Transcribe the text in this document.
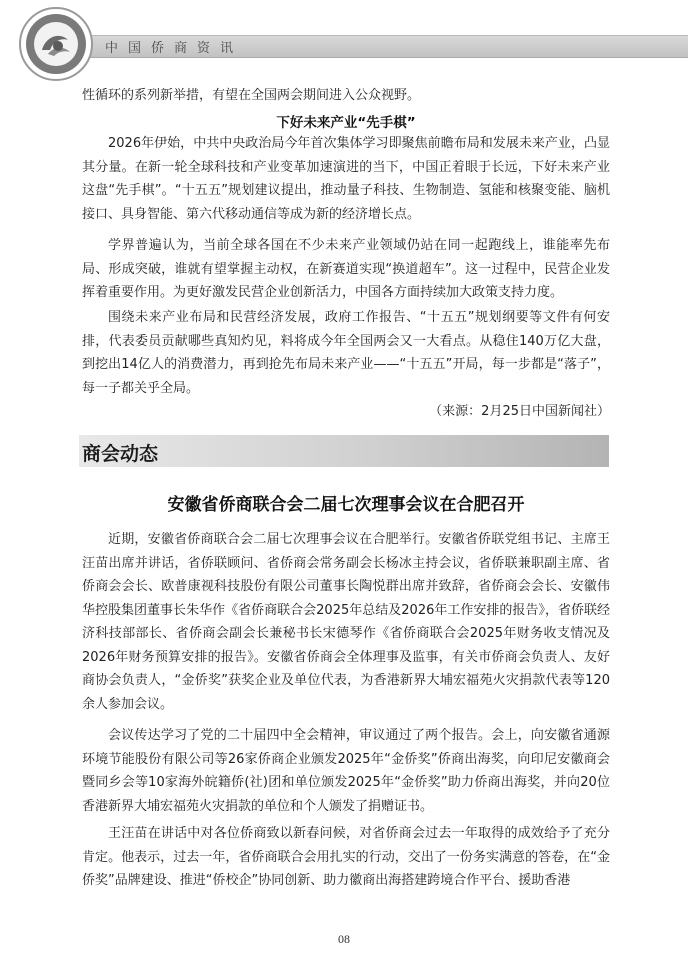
中国侨商资讯

性循环的系列新举措，有望在全国两会期间进入公众视野。

下好未来产业“先手棋”

2026年伊始，中共中央政治局今年首次集体学习即聚焦前瞻布局和发展未来产业，凸显其分量。在新一轮全球科技和产业变革加速演进的当下，中国正着眼于长远，下好未来产业这盘“先手棋”。“十五五”规划建议提出，推动量子科技、生物制造、氢能和核聚变能、脑机接口、具身智能、第六代移动通信等成为新的经济增长点。

学界普遍认为，当前全球各国在不少未来产业领域仍站在同一起跑线上，谁能率先布局、形成突破，谁就有望掌握主动权，在新赛道实现“换道超车”。这一过程中，民营企业发挥着重要作用。为更好激发民营企业创新活力，中国各方面持续加大政策支持力度。

围绕未来产业布局和民营经济发展，政府工作报告、“十五五”规划纲要等文件有何安排，代表委员贡献哪些真知灼见，料将成今年全国两会又一大看点。从稳住140万亿大盘，到挖出14亿人的消费潜力，再到抢先布局未来产业——“十五五”开局，每一步都是“落子”，每一子都关乎全局。
（来源：2月25日中国新闻社）

商会动态
安徽省侨商联合会二届七次理事会议在合肥召开

近期，安徽省侨商联合会二届七次理事会议在合肥举行。安徽省侨联党组书记、主席王汪苗出席并讲话，省侨联顾问、省侨商会常务副会长杨冰主持会议，省侨联兼职副主席、省侨商会会长、欧普康视科技股份有限公司董事长陶悦群出席并致辞，省侨商会会长、安徽伟华控股集团董事长朱华作《省侨商联合会2025年总结及2026年工作安排的报告》，省侨联经济科技部部长、省侨商会副会长兼秘书长宋德琴作《省侨商联合会2025年财务收支情况及2026年财务预算安排的报告》。安徽省侨商会全体理事及监事，有关市侨商会负责人、友好商协会负责人，“金侨奖”获奖企业及单位代表，为香港新界大埔宏福苑火灾捐款代表等120余人参加会议。

会议传达学习了党的二十届四中全会精神，审议通过了两个报告。会上，向安徽省通源环境节能股份有限公司等26家侨商企业颁发2025年“金侨奖”侨商出海奖，向印尼安徽商会暨同乡会等10家海外皖籍侨(社)团和单位颁发2025年“金侨奖”助力侨商出海奖，并向20位香港新界大埔宏福苑火灾捐款的单位和个人颁发了捐赠证书。

王汪苗在讲话中对各位侨商致以新春问候，对省侨商会过去一年取得的成效给予了充分肯定。他表示，过去一年，省侨商联合会用扎实的行动，交出了一份务实满意的答卷，在“金侨奖”品牌建设、推进“侨校企”协同创新、助力徽商出海搭建跨境合作平台、援助香港

08
